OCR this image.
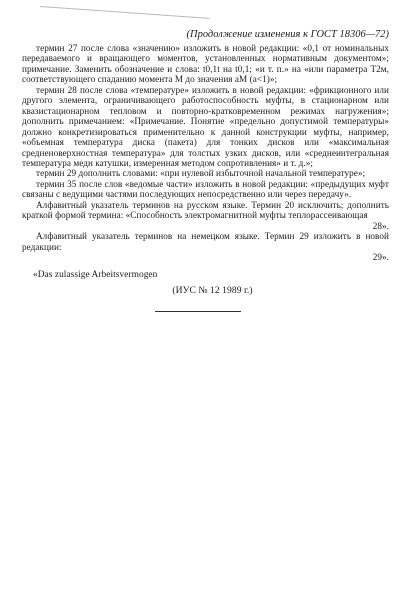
(Продолжение изменения к ГОСТ 18306—72)

термин 27 после слова «значению» изложить в новой редакции: «0,1 от номинальных передаваемого и вращающего моментов, установленных нормативным документом»; примечание. Заменить обозначение и слова: t0,1t на t0,1; «и т. п.» на «или параметра T2м, соответствующего спаданию момента M до значения аM (a<1)»;

термин 28 после слова «температуре» изложить в новой редакции: «фрикционного или другого элемента, ограничивающего работоспособность муфты, в стационарном или квазистационарном тепловом и повторно-кратковременном режимах нагружения»; дополнить примечанием: «Примечание. Понятие «предельно допустимой температуры» должно конкретизироваться применительно к данной конструкции муфты, например, «объемная температура диска (пакета) для тонких дисков или «максимальная средненоверхностная температура» для толстых узких дисков, или «среднеинтегральная температура медн катушки, измеренная методом сопротивления» и т. д.»;

термин 29 дополнить словами: «при нулевой избыточной начальной температуре»;

термин 35 после слов «ведомые части» изложить в новой редакции: «предыдущих муфт связаны с ведущими частями последующих непосредственно или через передачу».

Алфавитный указатель терминов на русском языке. Термин 20 исключить; дополнить краткой формой термина: «Способность электромагнитной муфты теплорассеивающая

28».

Алфавитный указатель терминов на немецком языке. Термин 29 изложить в новой редакции:

29».

«Das zulassige Arbeitsvermogen

(ИУС № 12 1989 г.)
